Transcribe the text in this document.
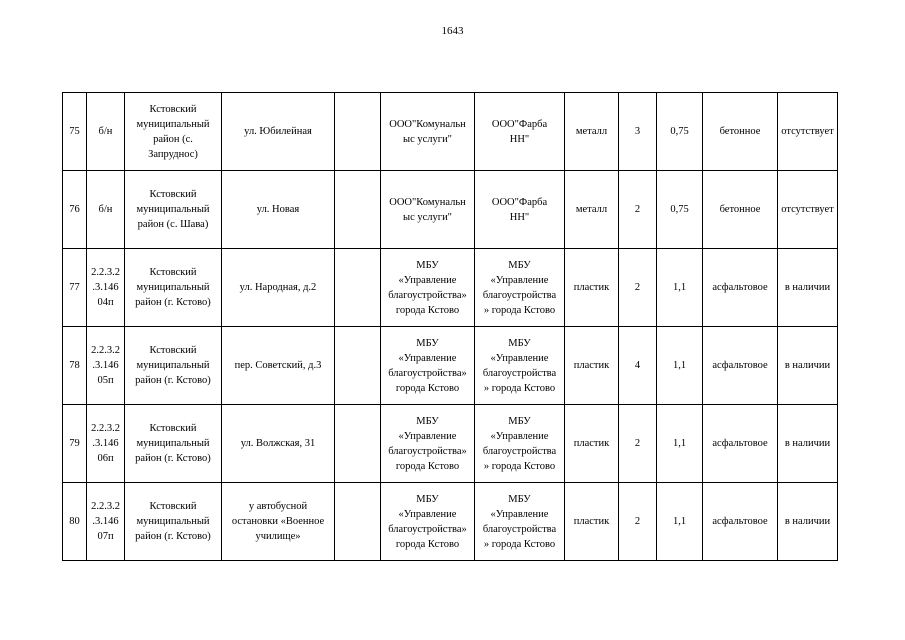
1643
75	б/н	Кстовский
муниципальный
район (с.
Запруднос)	ул. Юбилейная		ООО"Комунальн
ыс услуги"	ООО"Фарба
НН"	металл	3	0,75	бетонное	отсутствует
76	б/н	Кстовский
муниципальный
район (с. Шава)	ул. Новая		ООО"Комунальн
ыс услуги"	ООО"Фарба
НН"	металл	2	0,75	бетонное	отсутствует
77	2.2.3.2
.3.146
04п	Кстовский
муниципальный
район (г. Кстово)	ул. Народная, д.2		МБУ
«Управление
благоустройства»
города Кстово	МБУ
«Управление
благоустройства
» города Кстово	пластик	2	1,1	асфальтовое	в наличии
78	2.2.3.2
.3.146
05п	Кстовский
муниципальный
район (г. Кстово)	пер. Советский, д.3		МБУ
«Управление
благоустройства»
города Кстово	МБУ
«Управление
благоустройства
» города Кстово	пластик	4	1,1	асфальтовое	в наличии
79	2.2.3.2
.3.146
06п	Кстовский
муниципальный
район (г. Кстово)	ул. Волжская, 31		МБУ
«Управление
благоустройства»
города Кстово	МБУ
«Управление
благоустройства
» города Кстово	пластик	2	1,1	асфальтовое	в наличии
80	2.2.3.2
.3.146
07п	Кстовский
муниципальный
район (г. Кстово)	у автобусной
остановки «Военное
училище»		МБУ
«Управление
благоустройства»
города Кстово	МБУ
«Управление
благоустройства
» города Кстово	пластик	2	1,1	асфальтовое	в наличии
